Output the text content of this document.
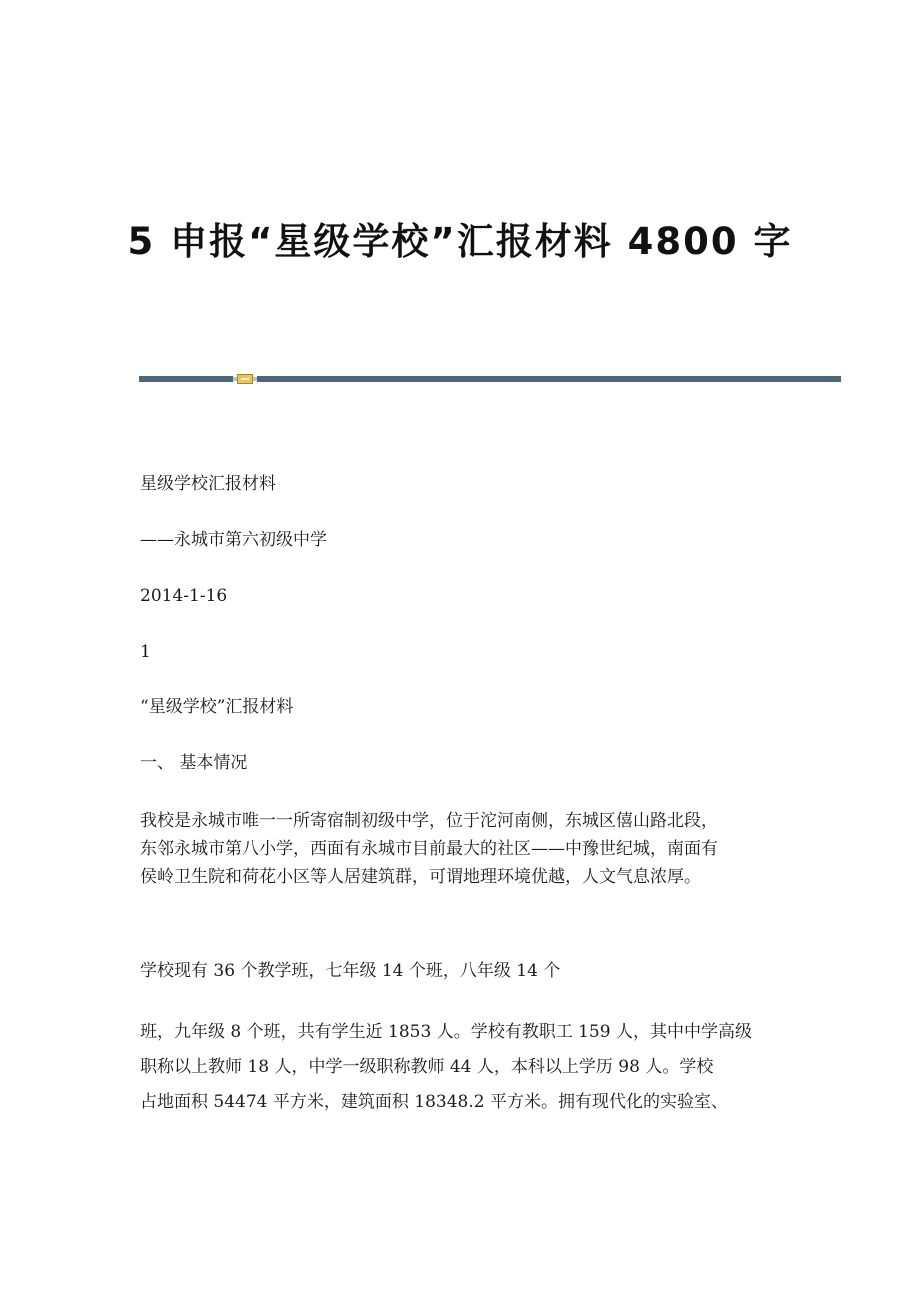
5 申报“星级学校”汇报材料 4800 字

星级学校汇报材料

——永城市第六初级中学

2014-1-16

1

“星级学校”汇报材料

一、 基本情况

我校是永城市唯一一所寄宿制初级中学，位于沱河南侧，东城区僖山路北段，
东邻永城市第八小学，西面有永城市目前最大的社区——中豫世纪城，南面有
侯岭卫生院和荷花小区等人居建筑群，可谓地理环境优越，人文气息浓厚。

学校现有 36 个教学班，七年级 14 个班，八年级 14 个

班，九年级 8 个班，共有学生近 1853 人。学校有教职工 159 人，其中中学高级
职称以上教师 18 人，中学一级职称教师 44 人，本科以上学历 98 人。学校
占地面积 54474 平方米，建筑面积 18348.2 平方米。拥有现代化的实验室、
